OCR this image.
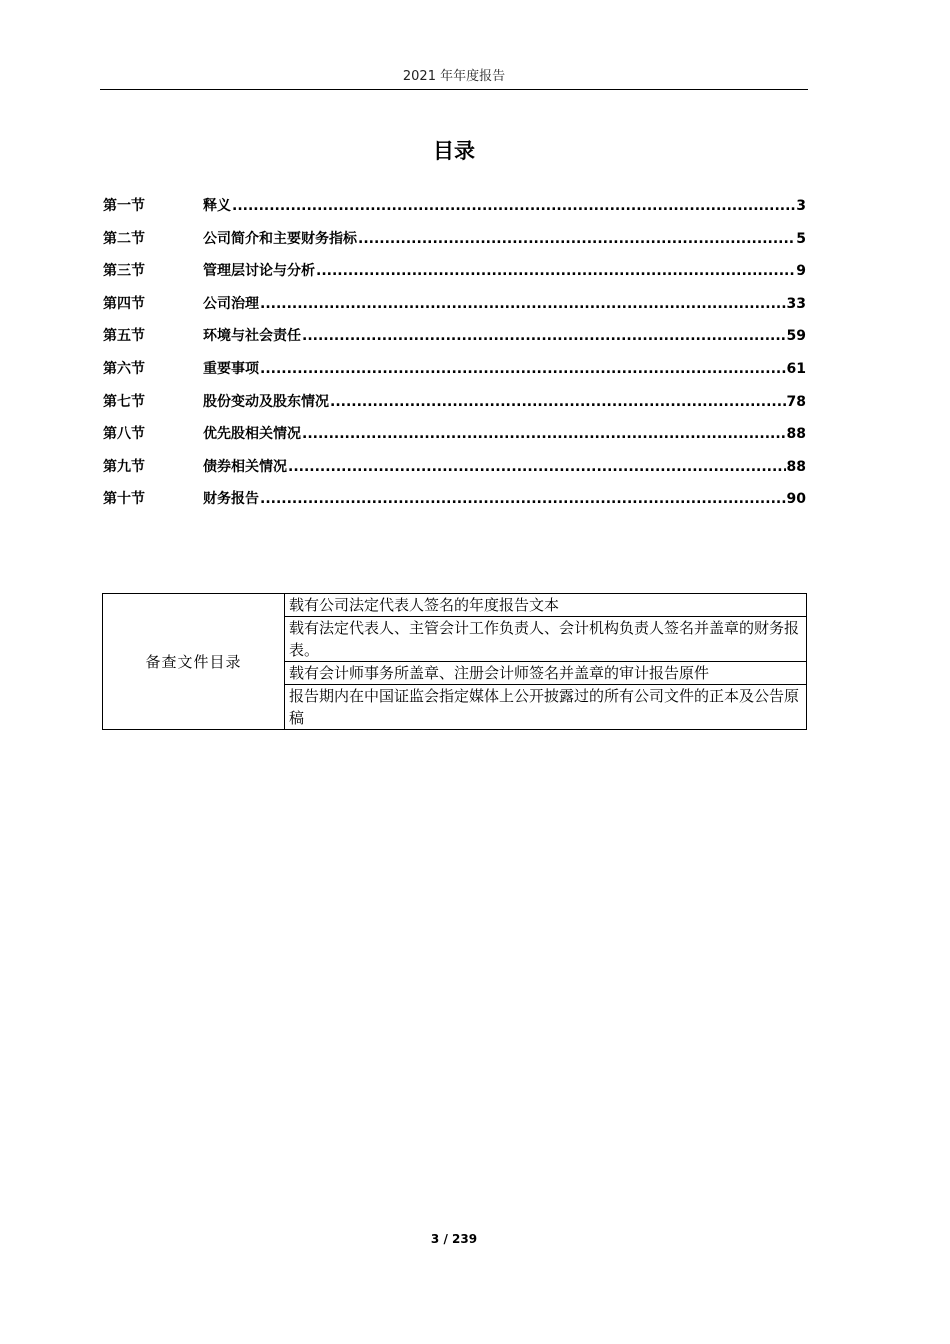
2021 年年度报告
目录
第一节	释义 .....	3
第二节	公司简介和主要财务指标 .....	5
第三节	管理层讨论与分析 .....	9
第四节	公司治理 .....	33
第五节	环境与社会责任 .....	59
第六节	重要事项 .....	61
第七节	股份变动及股东情况 .....	78
第八节	优先股相关情况 .....	88
第九节	债券相关情况 .....	88
第十节	财务报告 .....	90
备查文件目录	载有公司法定代表人签名的年度报告文本
载有法定代表人、主管会计工作负责人、会计机构负责人签名并盖章的财务报表。
载有会计师事务所盖章、注册会计师签名并盖章的审计报告原件
报告期内在中国证监会指定媒体上公开披露过的所有公司文件的正本及公告原稿
3 / 239
